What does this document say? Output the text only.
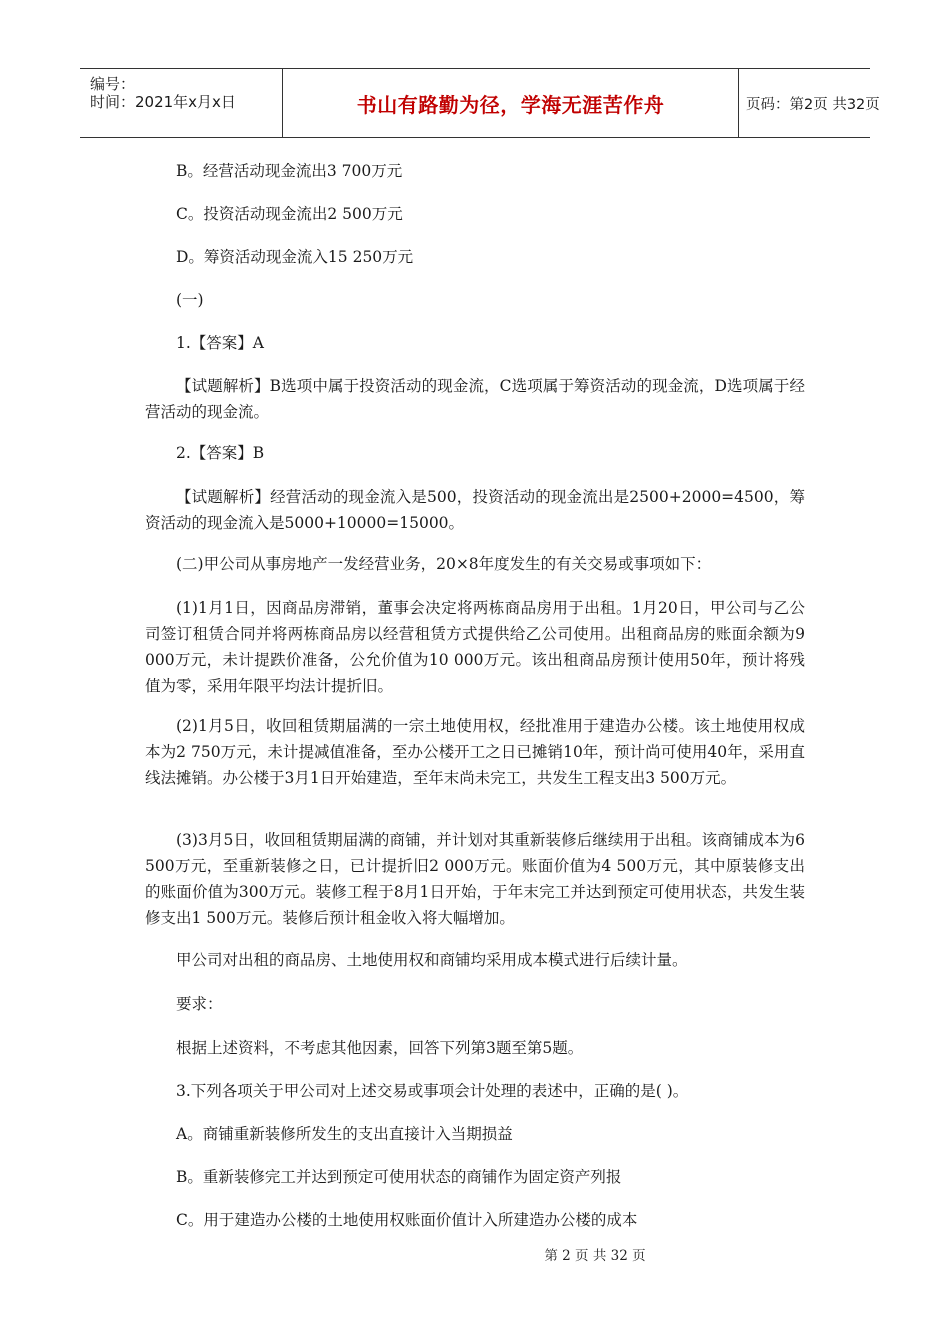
编号：
时间：2021年x月x日	书山有路勤为径，学海无涯苦作舟	页码：第2页 共32页
B。经营活动现金流出3 700万元
C。投资活动现金流出2 500万元
D。筹资活动现金流入15 250万元
(一)
1.【答案】A
【试题解析】B选项中属于投资活动的现金流，C选项属于筹资活动的现金流，D选项属于经营活动的现金流。
2.【答案】B
【试题解析】经营活动的现金流入是500，投资活动的现金流出是2500+2000=4500，筹资活动的现金流入是5000+10000=15000。
(二)甲公司从事房地产一发经营业务，20×8年度发生的有关交易或事项如下：
(1)1月1日，因商品房滞销，董事会决定将两栋商品房用于出租。1月20日，甲公司与乙公司签订租赁合同并将两栋商品房以经营租赁方式提供给乙公司使用。出租商品房的账面余额为9 000万元，未计提跌价准备，公允价值为10 000万元。该出租商品房预计使用50年，预计将残值为零，采用年限平均法计提折旧。
(2)1月5日，收回租赁期届满的一宗土地使用权，经批准用于建造办公楼。该土地使用权成本为2 750万元，未计提减值准备，至办公楼开工之日已摊销10年，预计尚可使用40年，采用直线法摊销。办公楼于3月1日开始建造，至年末尚未完工，共发生工程支出3 500万元。
(3)3月5日，收回租赁期届满的商铺，并计划对其重新装修后继续用于出租。该商铺成本为6 500万元，至重新装修之日，已计提折旧2 000万元。账面价值为4 500万元，其中原装修支出的账面价值为300万元。装修工程于8月1日开始，于年末完工并达到预定可使用状态，共发生装修支出1 500万元。装修后预计租金收入将大幅增加。
甲公司对出租的商品房、土地使用权和商铺均采用成本模式进行后续计量。
要求：
根据上述资料，不考虑其他因素，回答下列第3题至第5题。
3.下列各项关于甲公司对上述交易或事项会计处理的表述中，正确的是( )。
A。商铺重新装修所发生的支出直接计入当期损益
B。重新装修完工并达到预定可使用状态的商铺作为固定资产列报
C。用于建造办公楼的土地使用权账面价值计入所建造办公楼的成本
第 2 页 共 32 页
